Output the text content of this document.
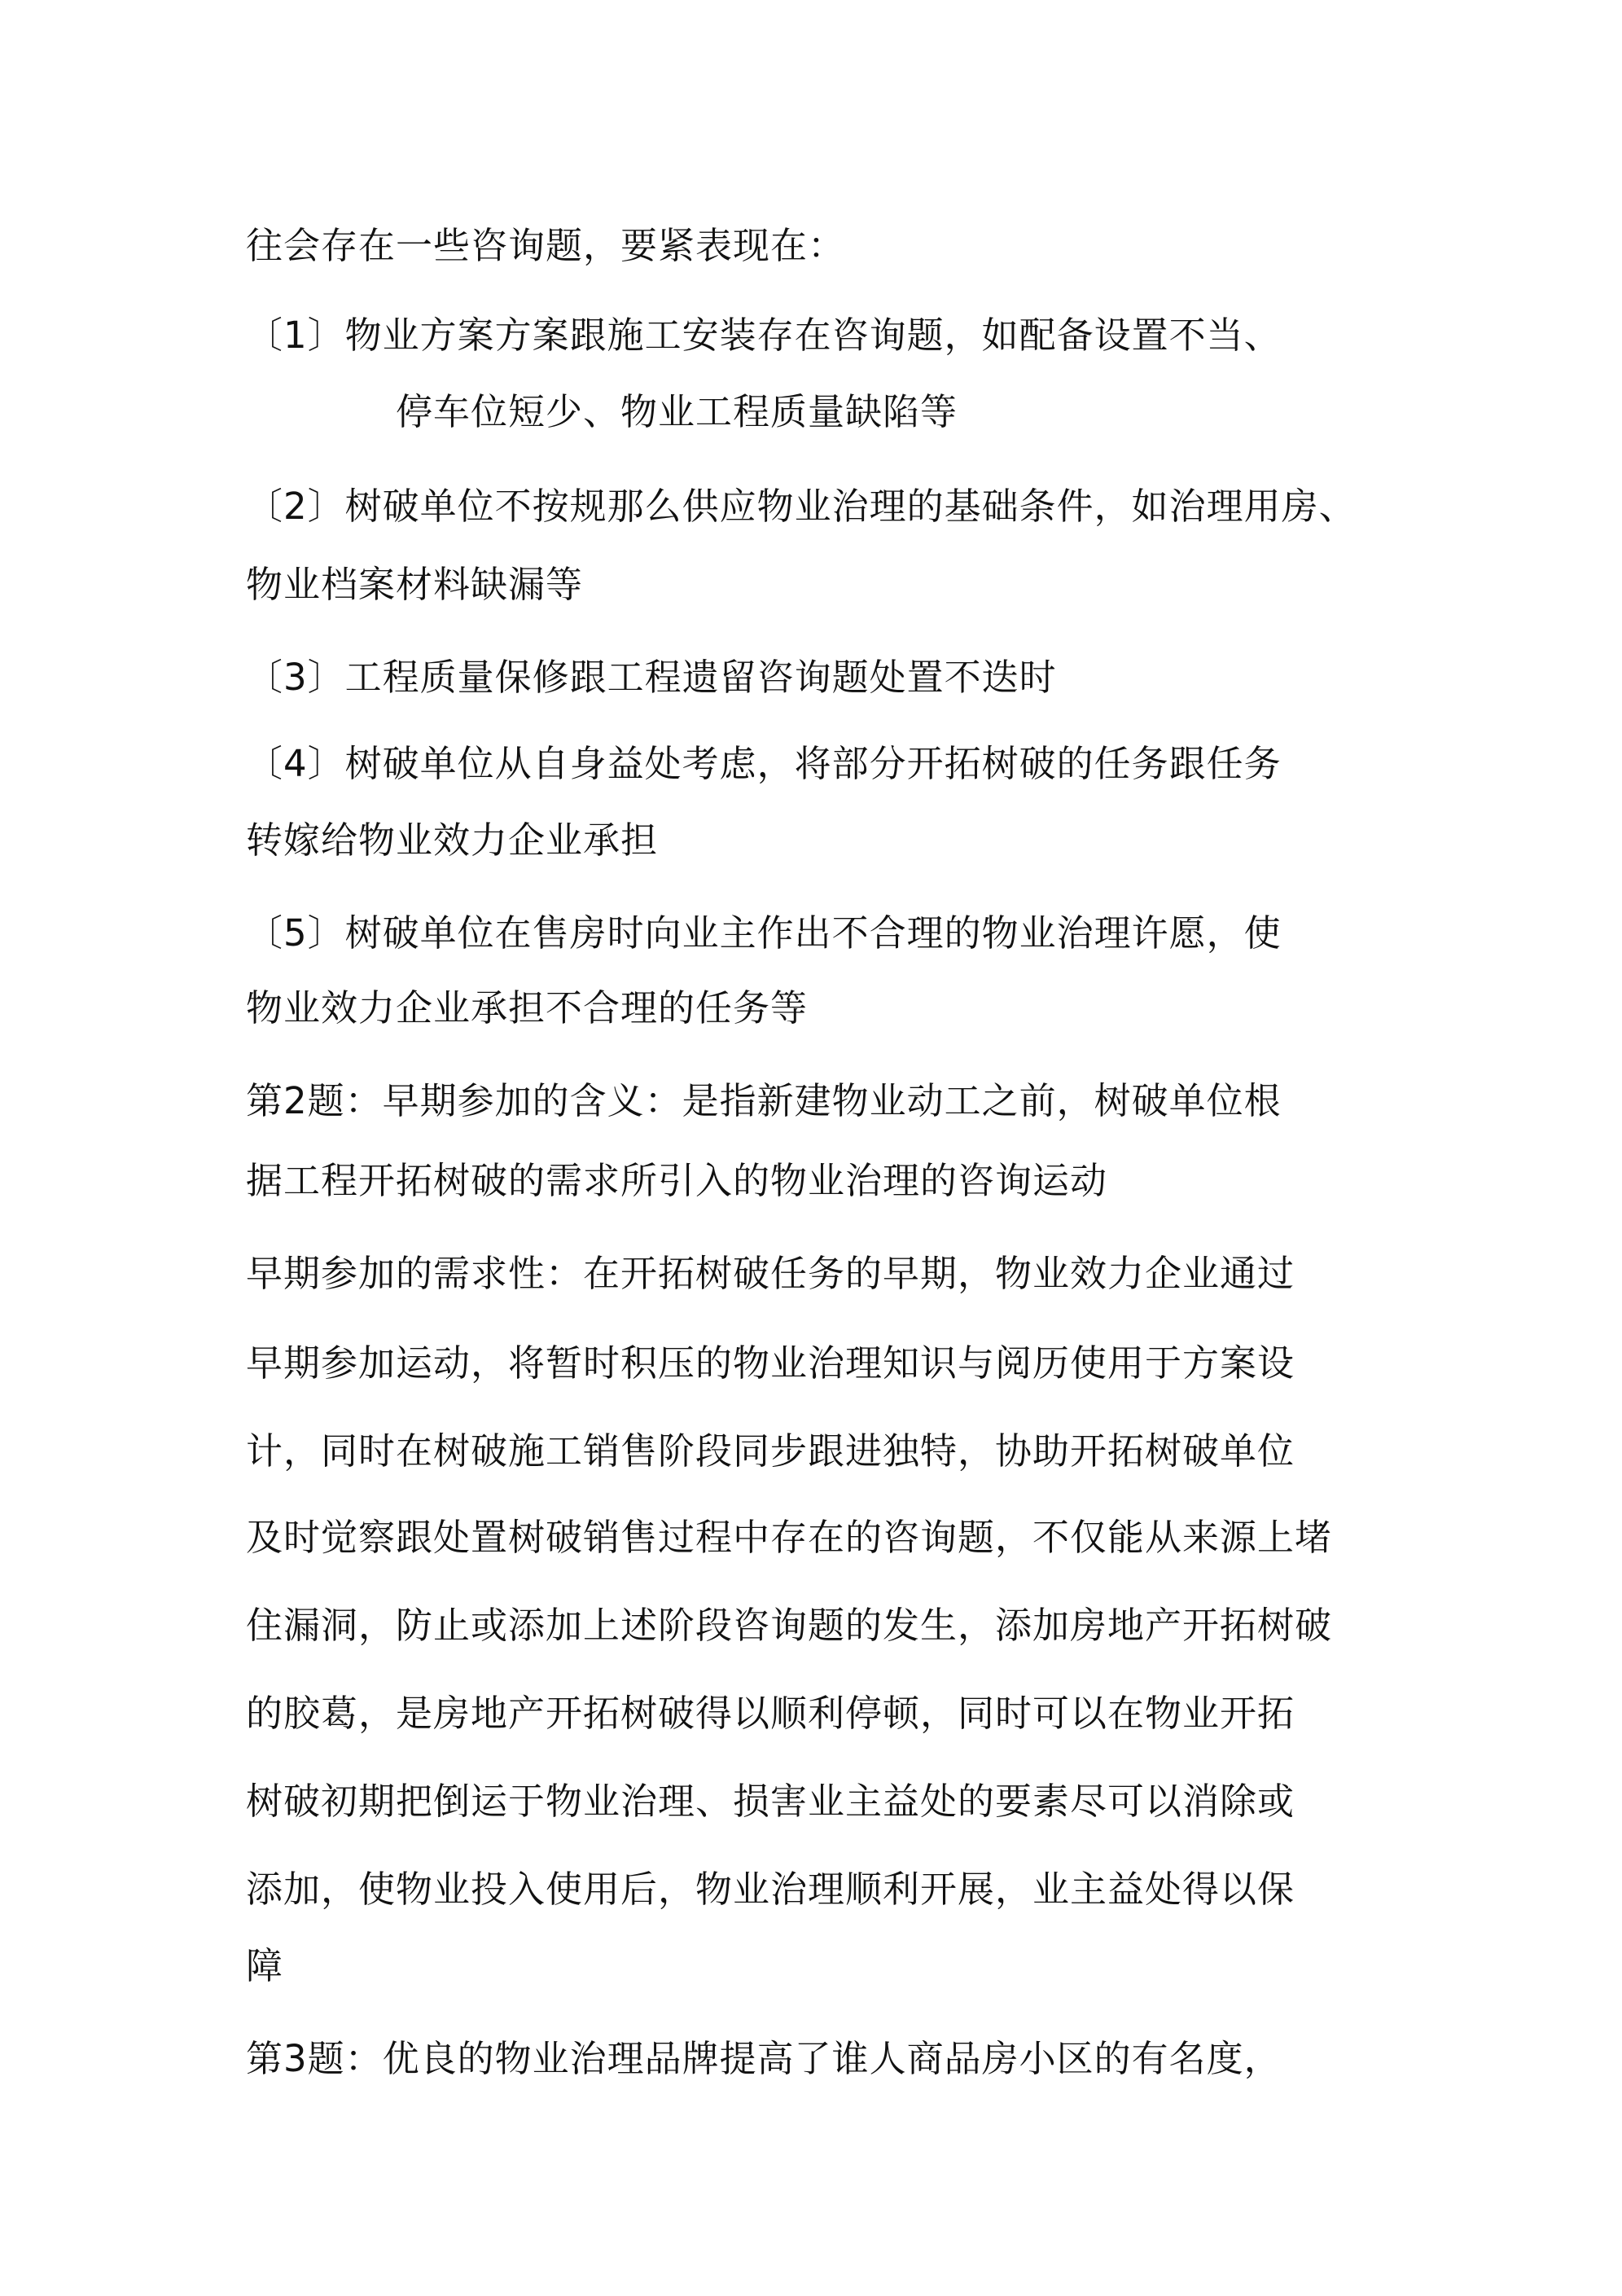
往会存在一些咨询题，要紧表现在：
〔1〕物业方案方案跟施工安装存在咨询题，如配备设置不当、
停车位短少、物业工程质量缺陷等
〔2〕树破单位不按规那么供应物业治理的基础条件，如治理用房、
物业档案材料缺漏等
〔3〕工程质量保修跟工程遗留咨询题处置不迭时
〔4〕树破单位从自身益处考虑，将部分开拓树破的任务跟任务
转嫁给物业效力企业承担
〔5〕树破单位在售房时向业主作出不合理的物业治理许愿，使
物业效力企业承担不合理的任务等
第2题：早期参加的含义：是指新建物业动工之前，树破单位根
据工程开拓树破的需求所引入的物业治理的咨询运动
早期参加的需求性：在开拓树破任务的早期，物业效力企业通过
早期参加运动，将暂时积压的物业治理知识与阅历使用于方案设
计，同时在树破施工销售阶段同步跟进独特，协助开拓树破单位
及时觉察跟处置树破销售过程中存在的咨询题，不仅能从来源上堵
住漏洞，防止或添加上述阶段咨询题的发生，添加房地产开拓树破
的胶葛，是房地产开拓树破得以顺利停顿，同时可以在物业开拓
树破初期把倒运于物业治理、损害业主益处的要素尽可以消除或
添加，使物业投入使用后，物业治理顺利开展，业主益处得以保
障
第3题：优良的物业治理品牌提高了谁人商品房小区的有名度，
